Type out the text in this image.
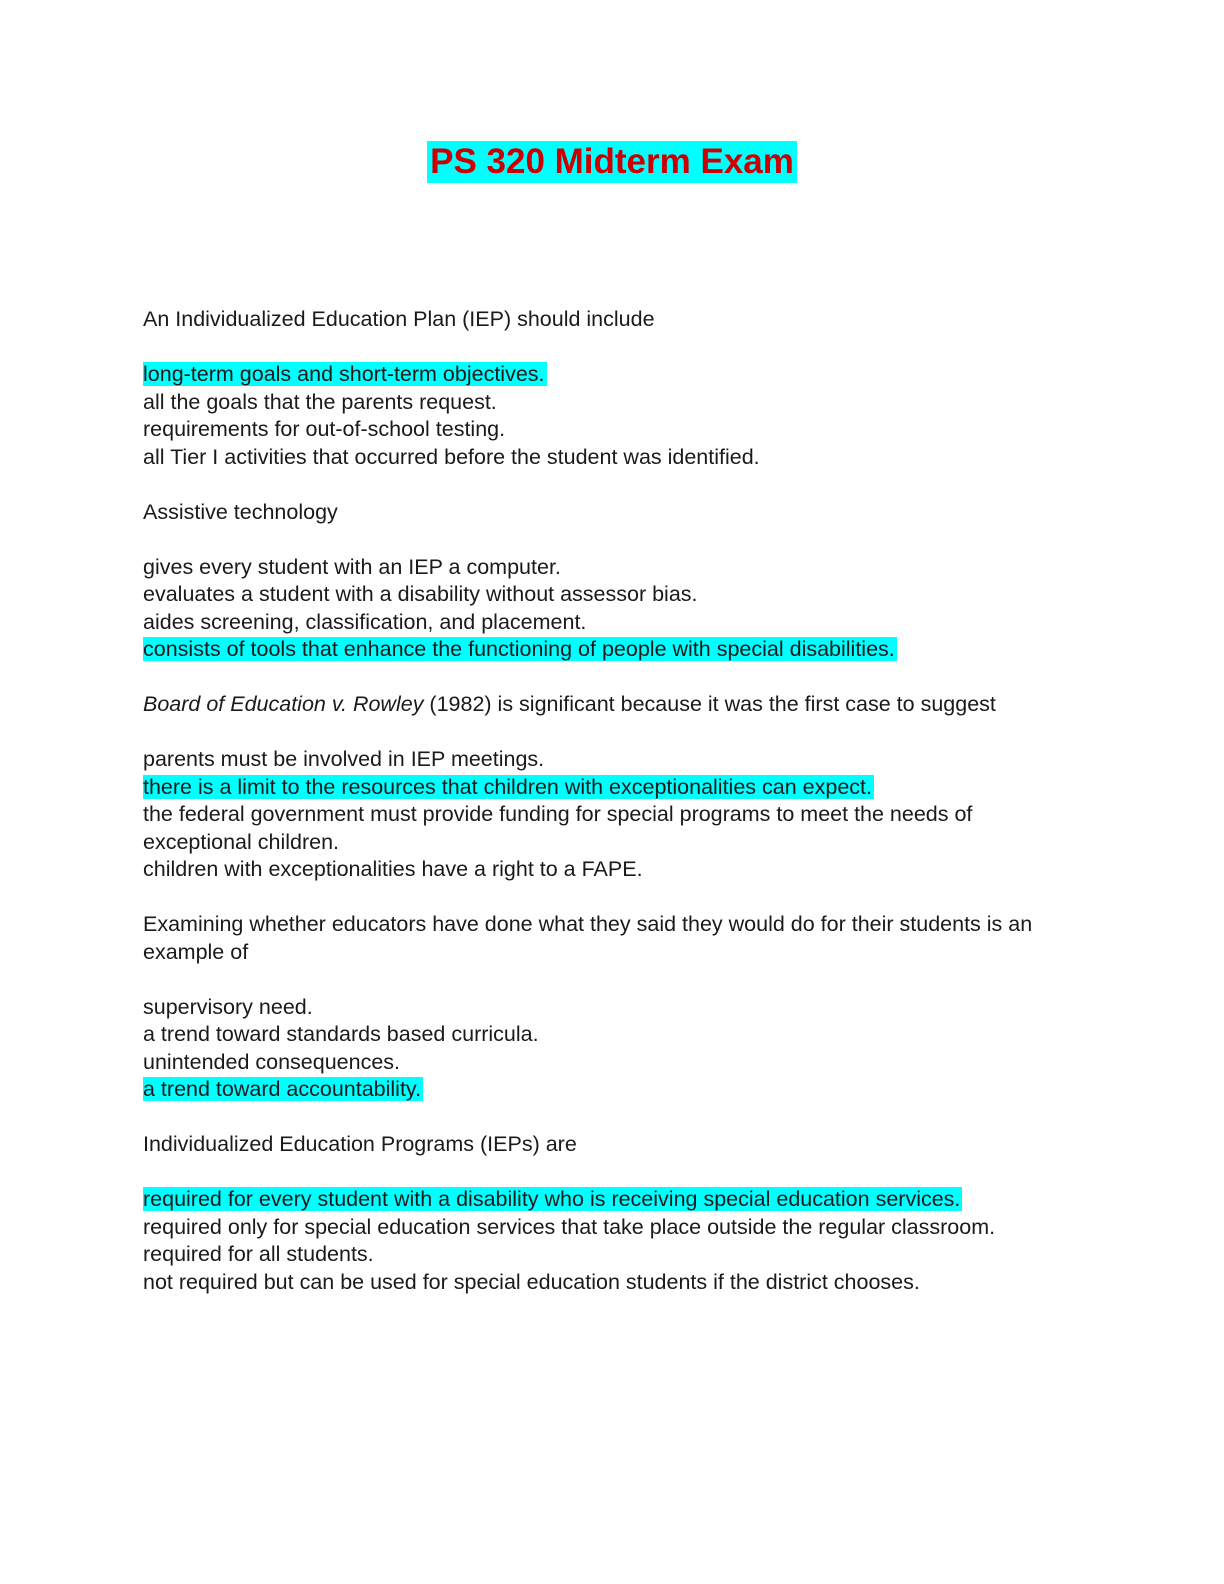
PS 320 Midterm Exam

An Individualized Education Plan (IEP) should include

long-term goals and short-term objectives.

all the goals that the parents request.

requirements for out-of-school testing.

all Tier I activities that occurred before the student was identified.

Assistive technology

gives every student with an IEP a computer.

evaluates a student with a disability without assessor bias.

aides screening, classification, and placement.

consists of tools that enhance the functioning of people with special disabilities.

Board of Education v. Rowley (1982) is significant because it was the first case to suggest

parents must be involved in IEP meetings.

there is a limit to the resources that children with exceptionalities can expect.

the federal government must provide funding for special programs to meet the needs of exceptional children.

children with exceptionalities have a right to a FAPE.

Examining whether educators have done what they said they would do for their students is an example of

supervisory need.

a trend toward standards based curricula.

unintended consequences.

a trend toward accountability.

Individualized Education Programs (IEPs) are

required for every student with a disability who is receiving special education services.

required only for special education services that take place outside the regular classroom.

required for all students.

not required but can be used for special education students if the district chooses.
